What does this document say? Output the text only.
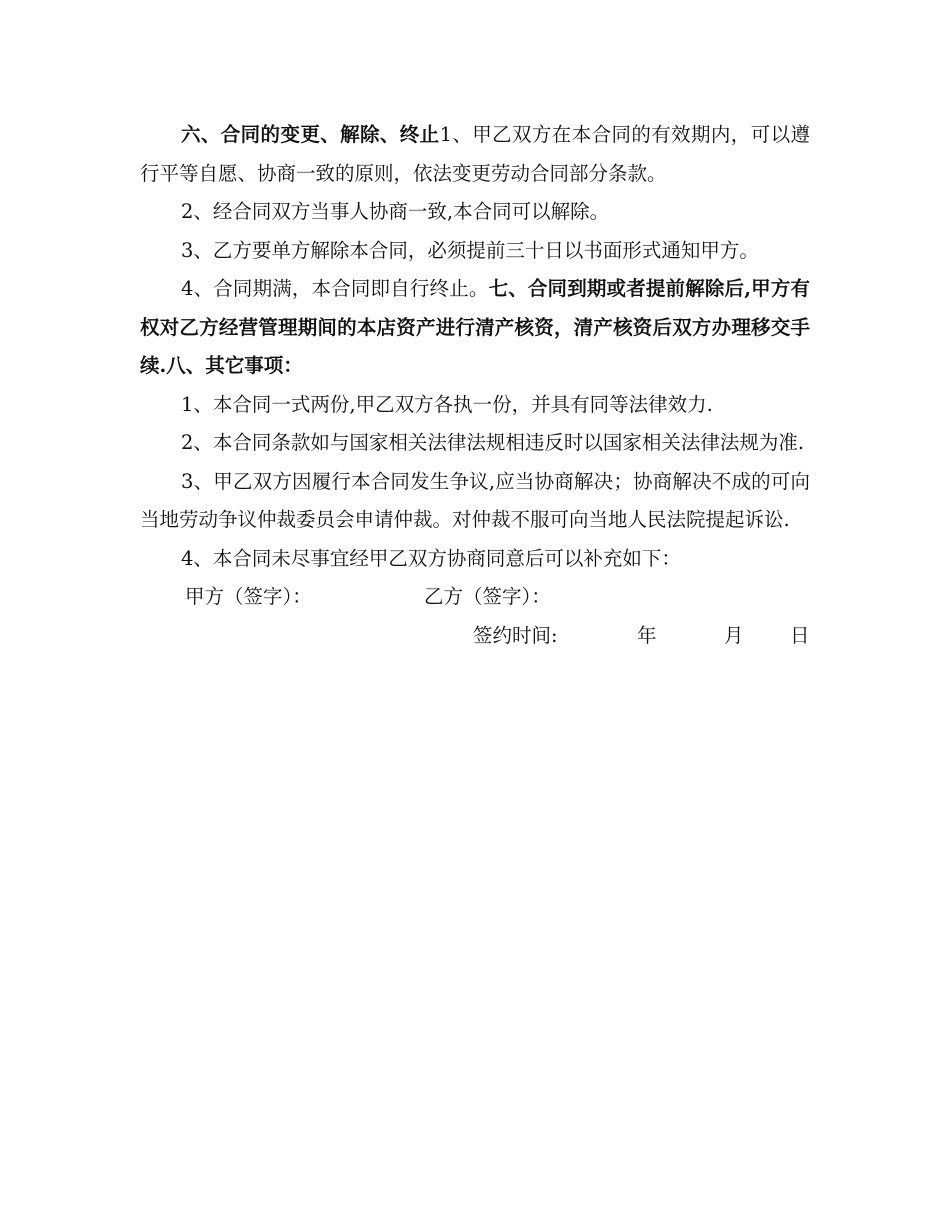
六、合同的变更、解除、终止1、甲乙双方在本合同的有效期内，可以遵行平等自愿、协商一致的原则，依法变更劳动合同部分条款。

2、经合同双方当事人协商一致,本合同可以解除。

3、乙方要单方解除本合同，必须提前三十日以书面形式通知甲方。

4、合同期满，本合同即自行终止。七、合同到期或者提前解除后,甲方有权对乙方经营管理期间的本店资产进行清产核资，清产核资后双方办理移交手续.八、其它事项：

1、本合同一式两份,甲乙双方各执一份，并具有同等法律效力.

2、本合同条款如与国家相关法律法规相违反时以国家相关法律法规为准.

3、甲乙双方因履行本合同发生争议,应当协商解决；协商解决不成的可向当地劳动争议仲裁委员会申请仲裁。对仲裁不服可向当地人民法院提起诉讼.

4、本合同未尽事宜经甲乙双方协商同意后可以补充如下：

甲方（签字）：	乙方（签字）：
签约时间:	年	月 日
